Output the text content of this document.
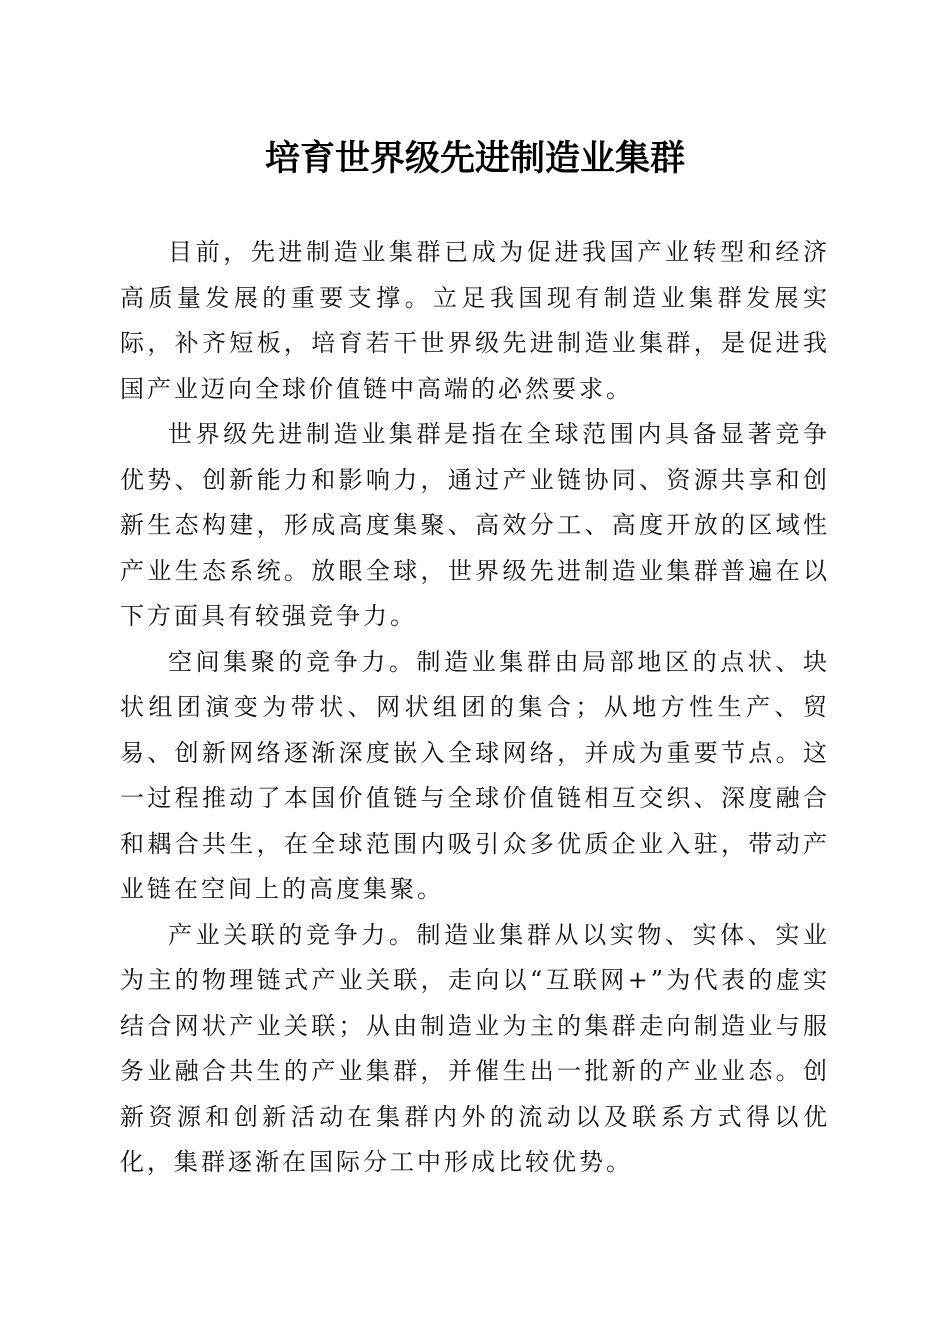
培育世界级先进制造业集群

目前，先进制造业集群已成为促进我国产业转型和经济高质量发展的重要支撑。立足我国现有制造业集群发展实际，补齐短板，培育若干世界级先进制造业集群，是促进我国产业迈向全球价值链中高端的必然要求。

世界级先进制造业集群是指在全球范围内具备显著竞争优势、创新能力和影响力，通过产业链协同、资源共享和创新生态构建，形成高度集聚、高效分工、高度开放的区域性产业生态系统。放眼全球，世界级先进制造业集群普遍在以下方面具有较强竞争力。

空间集聚的竞争力。制造业集群由局部地区的点状、块状组团演变为带状、网状组团的集合；从地方性生产、贸易、创新网络逐渐深度嵌入全球网络，并成为重要节点。这一过程推动了本国价值链与全球价值链相互交织、深度融合和耦合共生，在全球范围内吸引众多优质企业入驻，带动产业链在空间上的高度集聚。

产业关联的竞争力。制造业集群从以实物、实体、实业为主的物理链式产业关联，走向以“互联网+”为代表的虚实结合网状产业关联；从由制造业为主的集群走向制造业与服务业融合共生的产业集群，并催生出一批新的产业业态。创新资源和创新活动在集群内外的流动以及联系方式得以优化，集群逐渐在国际分工中形成比较优势。
